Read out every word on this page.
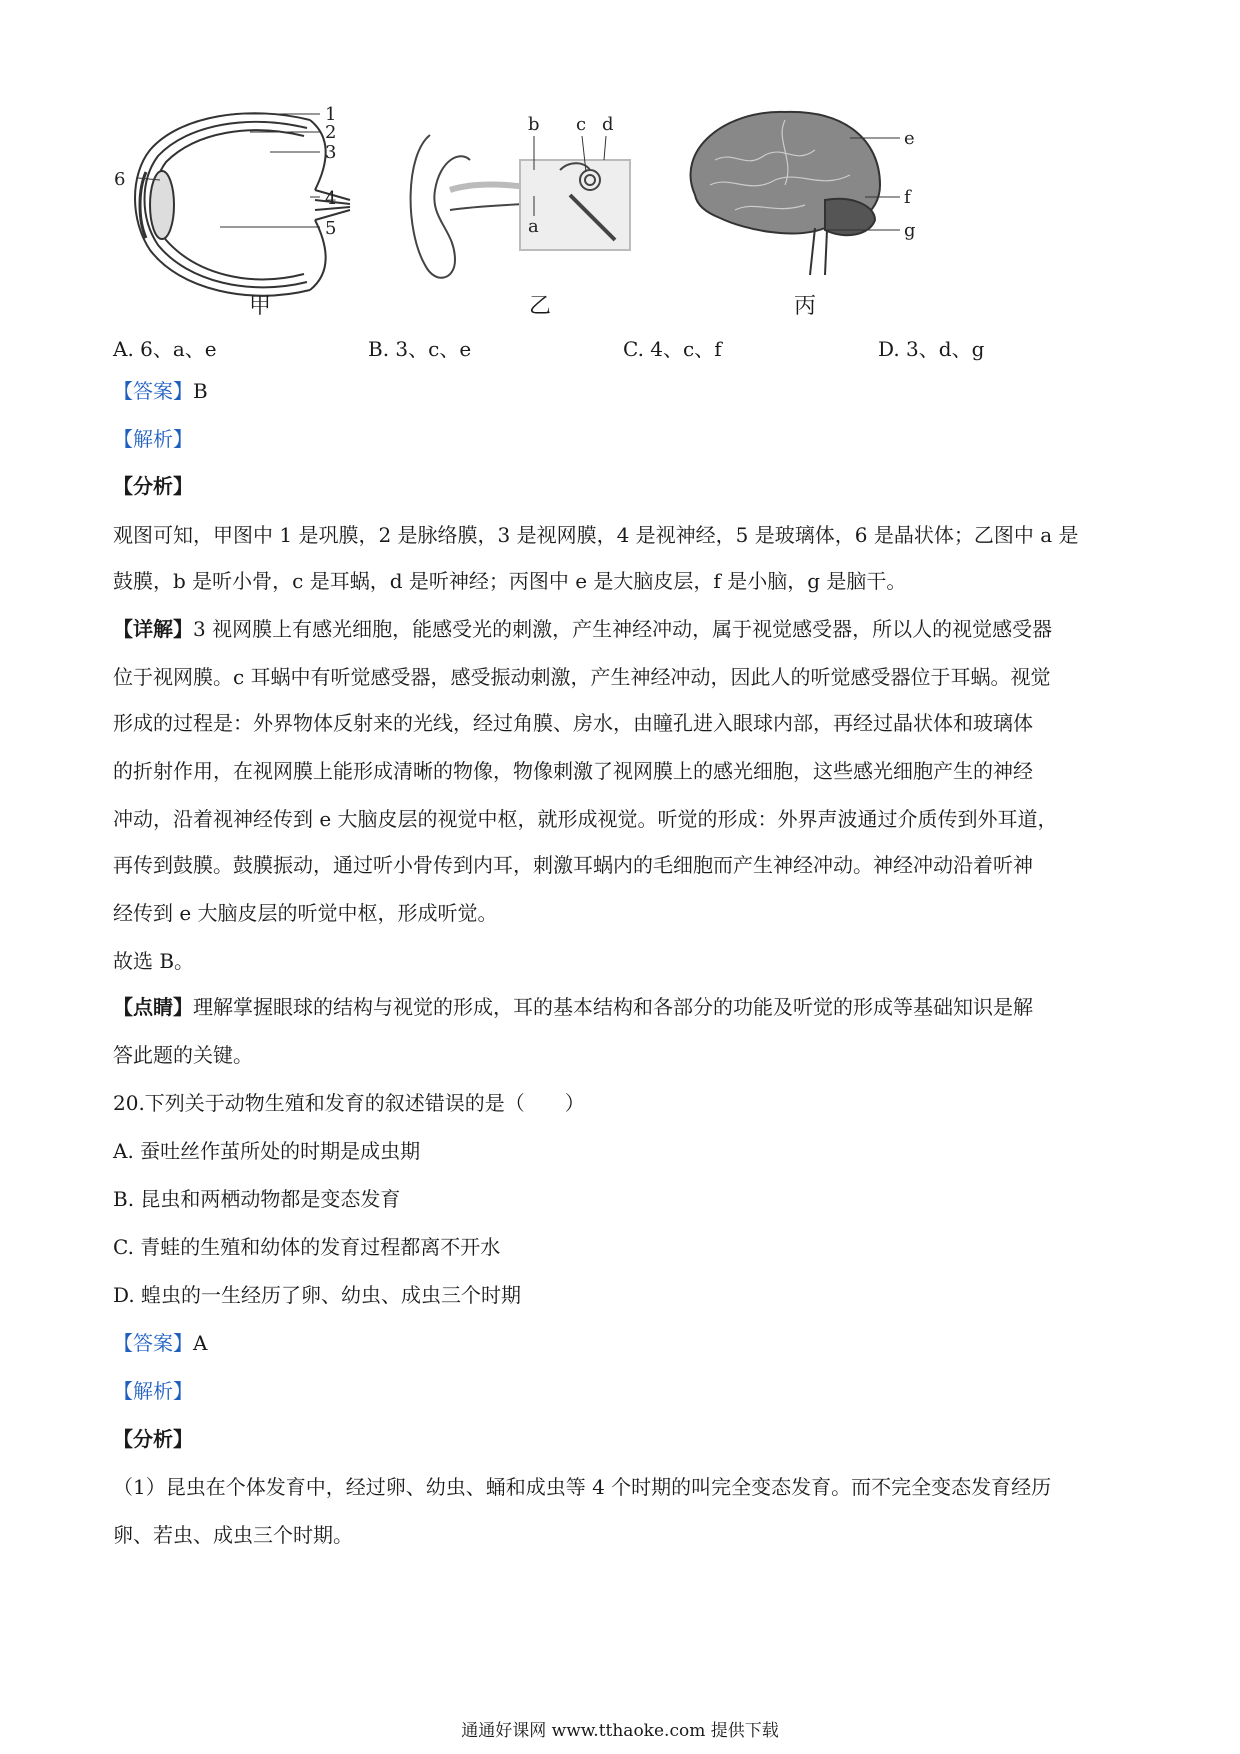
1
2
3
4
5
6
甲
b c d
a
乙
e
f
g
丙
A. 6、a、e	B. 3、c、e	C. 4、c、f	D. 3、d、g
【答案】B
【解析】
【分析】
观图可知，甲图中 1 是巩膜，2 是脉络膜，3 是视网膜，4 是视神经，5 是玻璃体，6 是晶状体；乙图中 a 是
鼓膜，b 是听小骨，c 是耳蜗，d 是听神经；丙图中 e 是大脑皮层，f 是小脑，g 是脑干。
【详解】3 视网膜上有感光细胞，能感受光的刺激，产生神经冲动，属于视觉感受器，所以人的视觉感受器
位于视网膜。c 耳蜗中有听觉感受器，感受振动刺激，产生神经冲动，因此人的听觉感受器位于耳蜗。视觉
形成的过程是：外界物体反射来的光线，经过角膜、房水，由瞳孔进入眼球内部，再经过晶状体和玻璃体
的折射作用，在视网膜上能形成清晰的物像，物像刺激了视网膜上的感光细胞，这些感光细胞产生的神经
冲动，沿着视神经传到 e 大脑皮层的视觉中枢，就形成视觉。听觉的形成：外界声波通过介质传到外耳道，
再传到鼓膜。鼓膜振动，通过听小骨传到内耳，刺激耳蜗内的毛细胞而产生神经冲动。神经冲动沿着听神
经传到 e 大脑皮层的听觉中枢，形成听觉。
故选 B。
【点睛】理解掌握眼球的结构与视觉的形成，耳的基本结构和各部分的功能及听觉的形成等基础知识是解
答此题的关键。
20.下列关于动物生殖和发育的叙述错误的是（　　）
A. 蚕吐丝作茧所处的时期是成虫期
B. 昆虫和两栖动物都是变态发育
C. 青蛙的生殖和幼体的发育过程都离不开水
D. 蝗虫的一生经历了卵、幼虫、成虫三个时期
【答案】A
【解析】
【分析】
（1）昆虫在个体发育中，经过卵、幼虫、蛹和成虫等 4 个时期的叫完全变态发育。而不完全变态发育经历
卵、若虫、成虫三个时期。
通通好课网 www.tthaoke.com 提供下载
